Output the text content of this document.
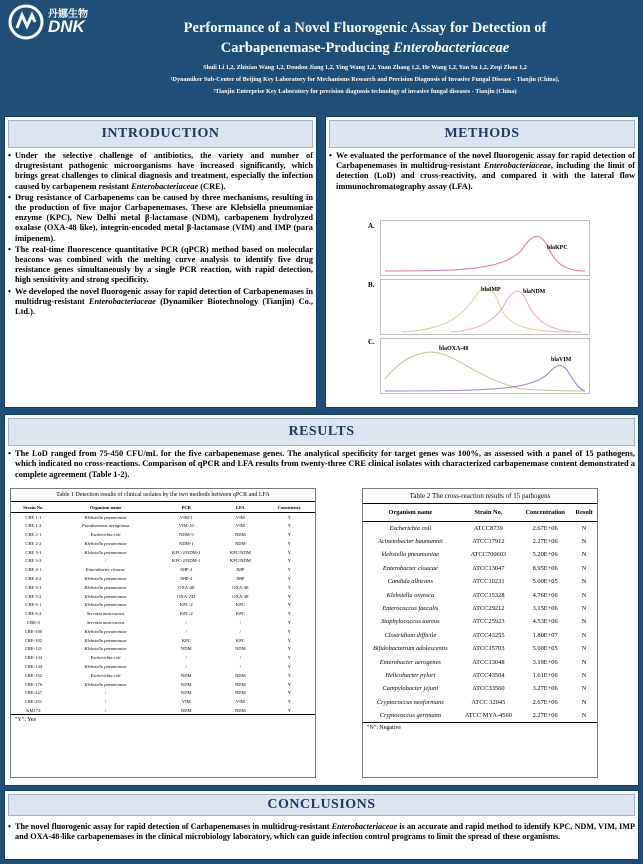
丹娜生物
DNK	Performance of a Novel Fluorogenic Assay for Detection of
Carbapenemase-Producing Enterobacteriaceae
Shuli Li 1,2, Zhixian Wang 1,2, Doudou Jiang 1,2, Ying Wang 1,2, Yuan Zhang 1,2, He Wang 1,2, Yan Su 1,2, Zeqi Zhou 1,2
¹Dynamiker Sub-Center of Beijing Key Laboratory for Mechanisms Research and Precision Diagnosis of Invasive Fungal Disease - Tianjin (China),
²Tianjin Enterprise Key Laboratory for precision diagnosis technology of invasive fungal diseases - Tianjin (China)
INTRODUCTION
• Under the selective challenge of antibiotics, the variety and number of drugresistant pathogenic microorganisms have increased significantly, which brings great challenges to clinical diagnosis and treatment, especially the infection caused by carbapenem resistant Enterobacteriaceae (CRE).
• Drug resistance of Carbapenems can be caused by three mechanisms, resulting in the production of five major Carbapenemases. These are Klebsiella pneumoniae enzyme (KPC), New Delhi metal β-lactamase (NDM), carbapenem hydrolyzed oxalase (OXA-48 like), integrin-encoded metal β-lactamase (VIM) and IMP (para imipenem).
• The real-time fluorescence quantitative PCR (qPCR) method based on molecular beacons was combined with the melting curve analysis to identify five drug resistance genes simultaneously by a single PCR reaction, with rapid detection, high sensitivity and strong specificity.
• We developed the novel fluorogenic assay for rapid detection of Carbapenemases in multidrug-resistant Enterobacteriaceae (Dynamiker Biotechnology (Tianjin) Co., Ltd.).
METHODS
• We evaluated the performance of the novel fluorogenic assay for rapid detection of Carbapenemases in multidrug-resistant Enterobacteriaceae, including the limit of detection (LoD) and cross-reactivity, and compared it with the lateral flow immunochromatography assay (LFA).
A.
B.
C.
blaKPC
blaIMP	blaNDM
blaOXA-48
blaVIM
RESULTS
• The LoD ranged from 75-450 CFU/mL for the five carbapenemase genes. The analytical specificity for target genes was 100%, as assessed with a panel of 15 pathogens, which indicated no cross-reactions. Comparison of qPCR and LFA results from twenty-three CRE clinical isolates with characterized carbapenemase content demonstrated a complete agreement (Table 1-2).
Table 1 Detection results of clinical isolates by the two methods between qPCR and LFA
Strain No.	Organism name	PCR	LFA	Consistency
CRE 1-1	Klebsiella pneumoniae	VIM-1	VIM	Y
CRE 1-2	Pseudomonas aeruginosa	VIM-10	VIM	Y
CRE 2-1	Escherichia coli	NDM-5	NDM	Y
CRE 2-2	Klebsiella pneumoniae	NDM-1	NDM	Y
CRE 3-1	Klebsiella pneumoniae	KPC-2/NDM-1	KPC/NDM	Y
CRE 3-2	/	KPC-2/NDM-1	KPC/NDM	Y
CRE 4-1	Enterobacter cloacae	IMP-4	IMP	Y
CRE 4-2	Klebsiella pneumoniae	IMP-4	IMP	Y
CRE 5-1	Klebsiella pneumoniae	OXA-48	OXA-48	Y
CRE 5-2	Klebsiella pneumoniae	OXA-232	OXA-48	Y
CRE 6-1	Klebsiella pneumoniae	KPC-2	KPC	Y
CRE 6-2	Serratia marcescens	KPC-2	KPC	Y
CRE-0	Serratia marcescens	/	/	Y
CRE-100	Klebsiella pneumoniae	/	/	Y
CRE-102	Klebsiella pneumoniae	KPC	KPC	Y
CRE-121	Klebsiella pneumoniae	NDM	NDM	Y
CRE-134	Escherichia coli	/	/	Y
CRE-144	Klebsiella pneumoniae	/	/	Y
CRE-152	Escherichia coli	NDM	NDM	Y
CRE-176	Klebsiella pneumoniae	NDM	NDM	Y
CRE-227	/	NDM	NDM	Y
CRE-251	/	VIM	VIM	Y
KM174	/	NDM	NDM	Y
"Y": Yes
Table 2 The cross-reaction results of 15 pathogens
Organism name	Strain No.	Concentration	Result
Escherichia coli	ATCC8739	2.67E+06	N
Acinetobacter baumannii	ATCC17912	2.27E+06	N
klebsiella pneumoniae	ATCC700603	5.20E+06	N
Enterobacter cloacae	ATCC13047	8.95E+06	N
Candida albicans	ATCC10231	5.00E+05	N
Klebsiella oxytoca	ATCC15328	4.76E+06	N
Enterococcus faecalis	ATCC29212	3.15E+06	N
Staphylococcus aureus	ATCC25923	4.53E+06	N
Clostridium difficile	ATCC43255	1.80E+07	N
Bifidobacterium adolescentis	ATCC15703	5.00E+05	N
Enterobacter aerogenes	ATCC13048	3.19E+06	N
Helicobacter pylori	ATCC43504	1.61E+06	N
Campylobacter jejuni	ATCC33560	3.27E+06	N
Cryptococcus neoformans	ATCC 32045	2.67E+06	N
Cryptococcus gertmann	ATCC MYA-4560	2.27E+06	N
"N": Negative
CONCLUSIONS
• The novel fluorogenic assay for rapid detection of Carbapenemases in multidrug-resistant Enterobacteriaceae is an accurate and rapid method to identify KPC, NDM, VIM, IMP and OXA-48-like carbapenemases in the clinical microbiology laboratory, which can guide infection control programs to limit the spread of these organisms.
